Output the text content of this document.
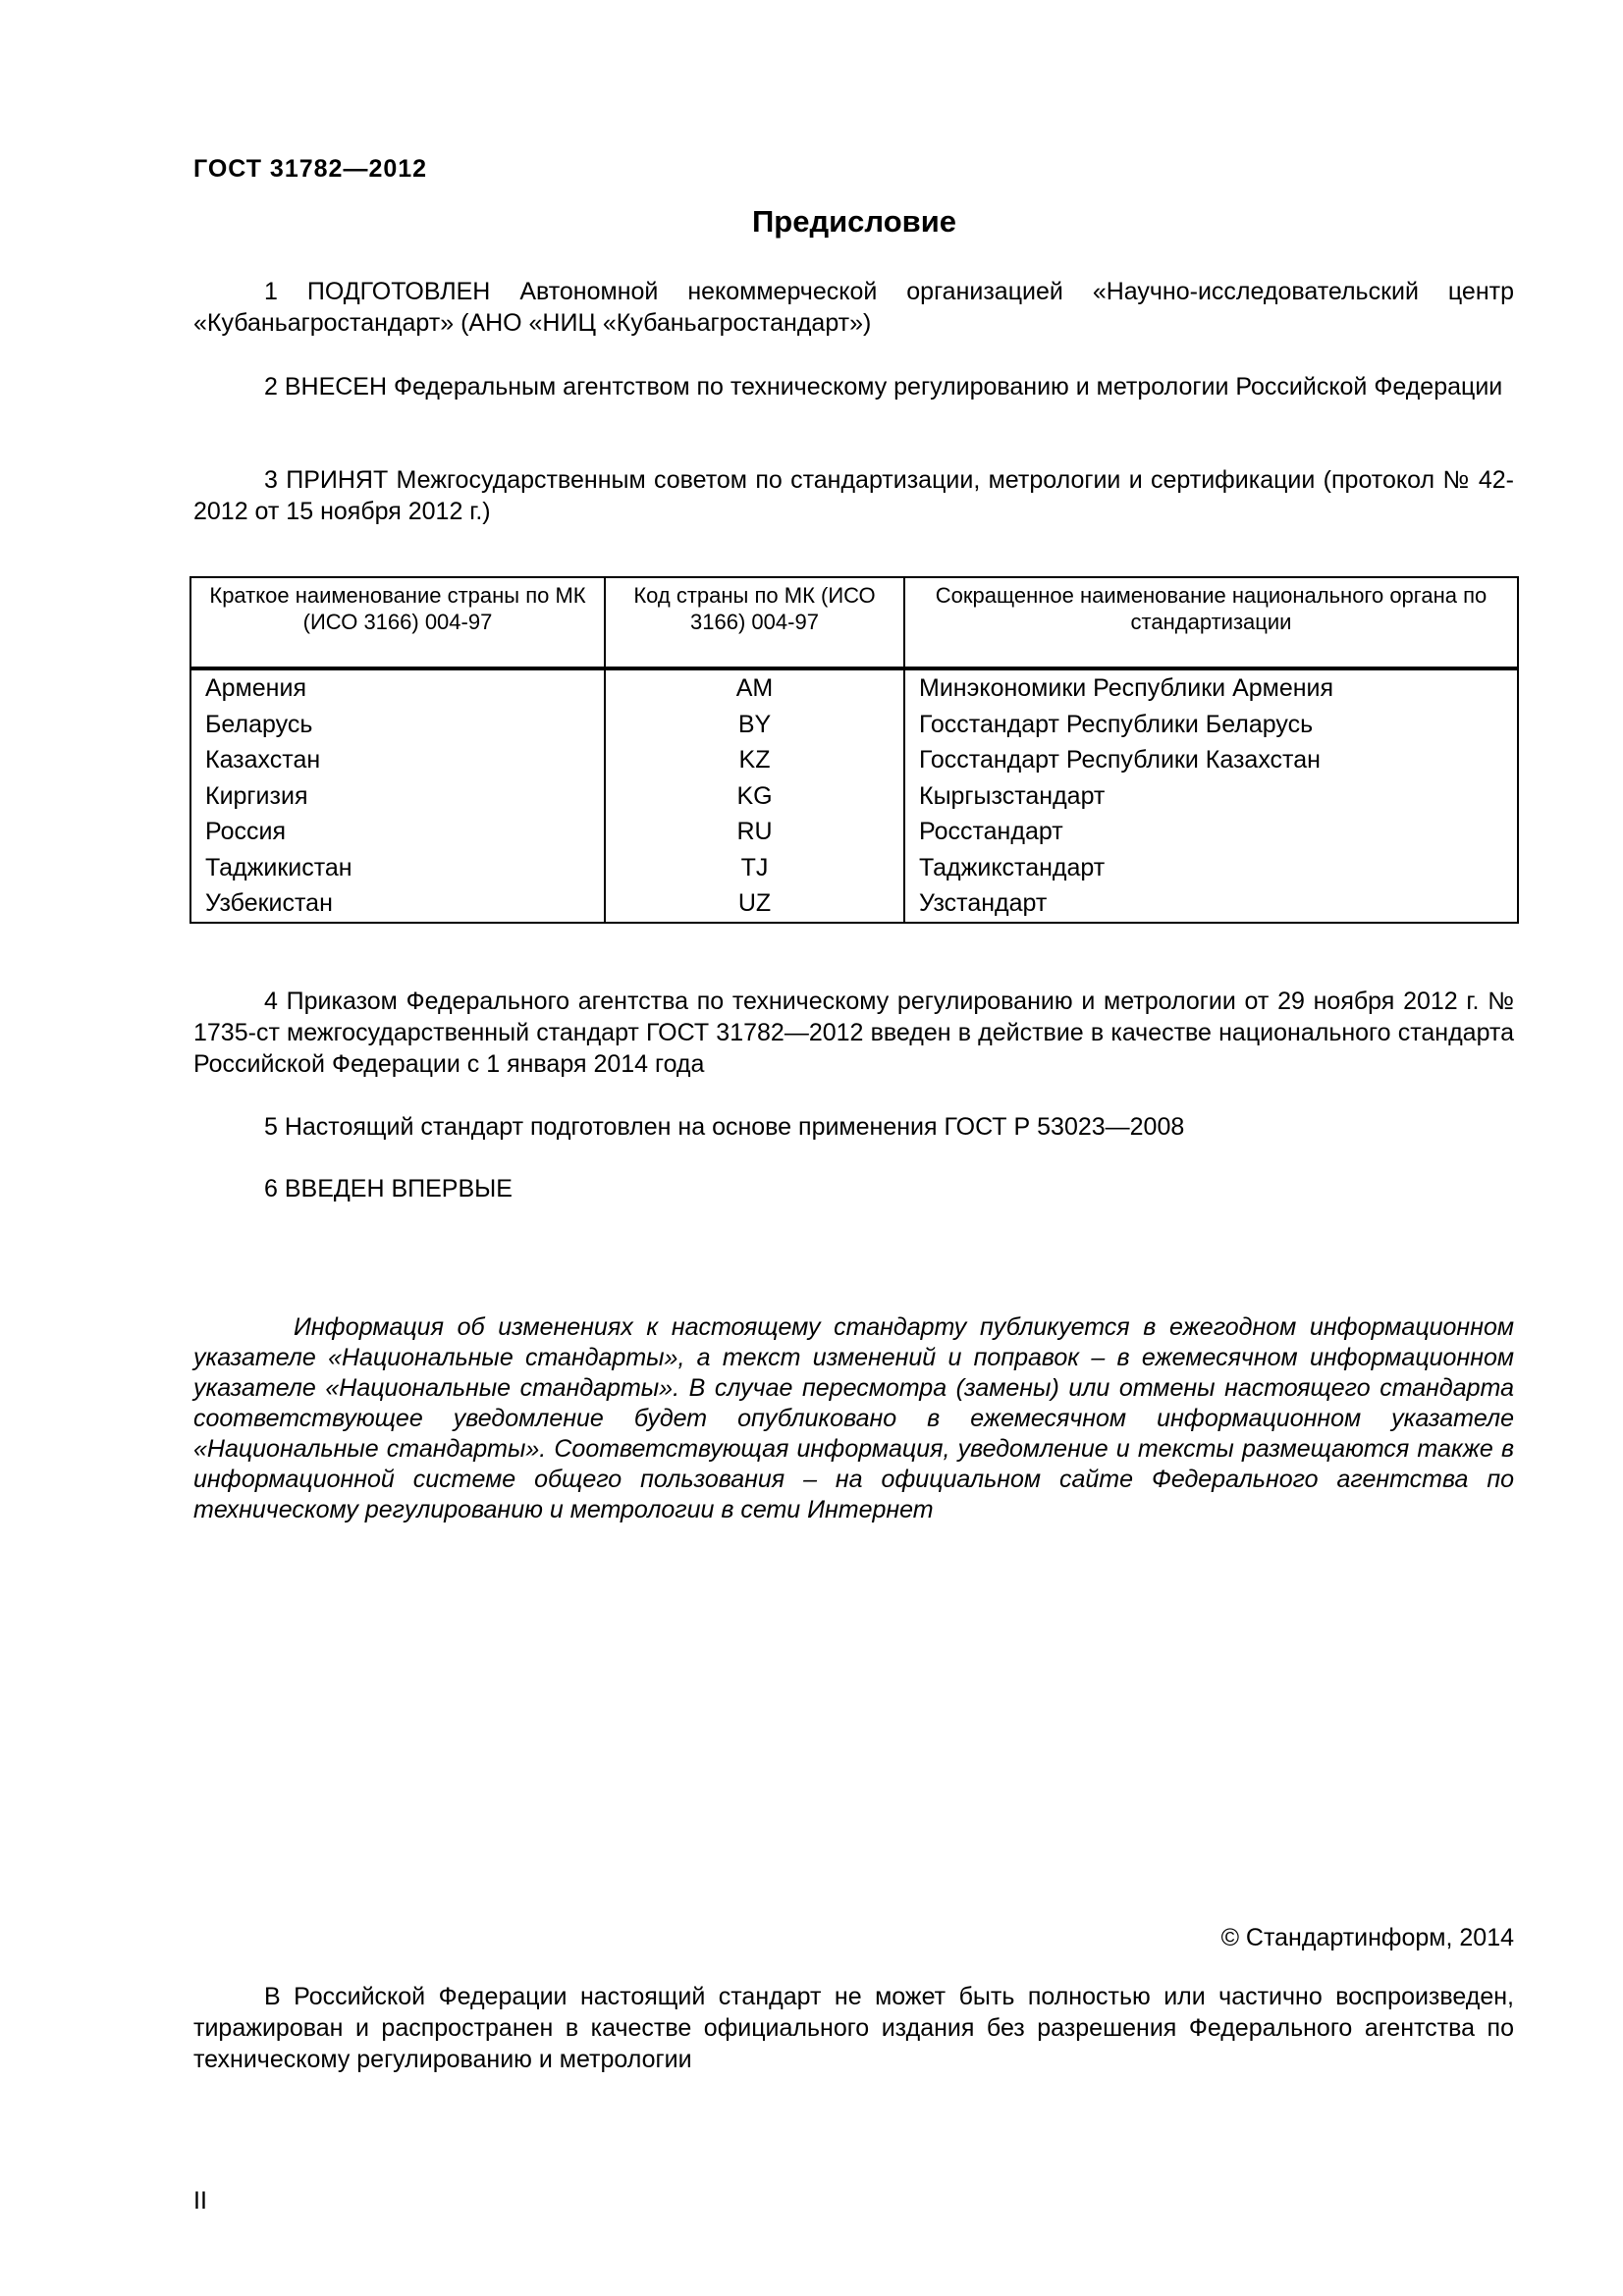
ГОСТ 31782—2012
Предисловие
1 ПОДГОТОВЛЕН Автономной некоммерческой организацией «Научно-исследовательский центр «Кубаньагростандарт» (АНО «НИЦ «Кубаньагростандарт»)
2 ВНЕСЕН Федеральным агентством по техническому регулированию и метрологии Российской Федерации
3 ПРИНЯТ Межгосударственным советом по стандартизации, метрологии и сертификации (протокол № 42-2012 от 15 ноября 2012 г.)
Краткое наименование страны по МК (ИСО 3166) 004-97	Код страны по МК (ИСО 3166) 004-97	Сокращенное наименование национального органа по стандартизации
Армения	AM	Минэкономики Республики Армения
Беларусь	BY	Госстандарт Республики Беларусь
Казахстан	KZ	Госстандарт Республики Казахстан
Киргизия	KG	Кыргызстандарт
Россия	RU	Росстандарт
Таджикистан	TJ	Таджикстандарт
Узбекистан	UZ	Узстандарт
4 Приказом Федерального агентства по техническому регулированию и метрологии от 29 ноября 2012 г. № 1735-ст межгосударственный стандарт ГОСТ 31782—2012 введен в действие в качестве национального стандарта Российской Федерации с 1 января 2014 года
5 Настоящий стандарт подготовлен на основе применения ГОСТ Р 53023—2008
6 ВВЕДЕН ВПЕРВЫЕ
Информация об изменениях к настоящему стандарту публикуется в ежегодном информационном указателе «Национальные стандарты», а текст изменений и поправок – в ежемесячном информационном указателе «Национальные стандарты». В случае пересмотра (замены) или отмены настоящего стандарта соответствующее уведомление будет опубликовано в ежемесячном информационном указателе «Национальные стандарты». Соответствующая информация, уведомление и тексты размещаются также в информационной системе общего пользования – на официальном сайте Федерального агентства по техническому регулированию и метрологии в сети Интернет
© Стандартинформ, 2014
В Российской Федерации настоящий стандарт не может быть полностью или частично воспроизведен, тиражирован и распространен в качестве официального издания без разрешения Федерального агентства по техническому регулированию и метрологии
II
